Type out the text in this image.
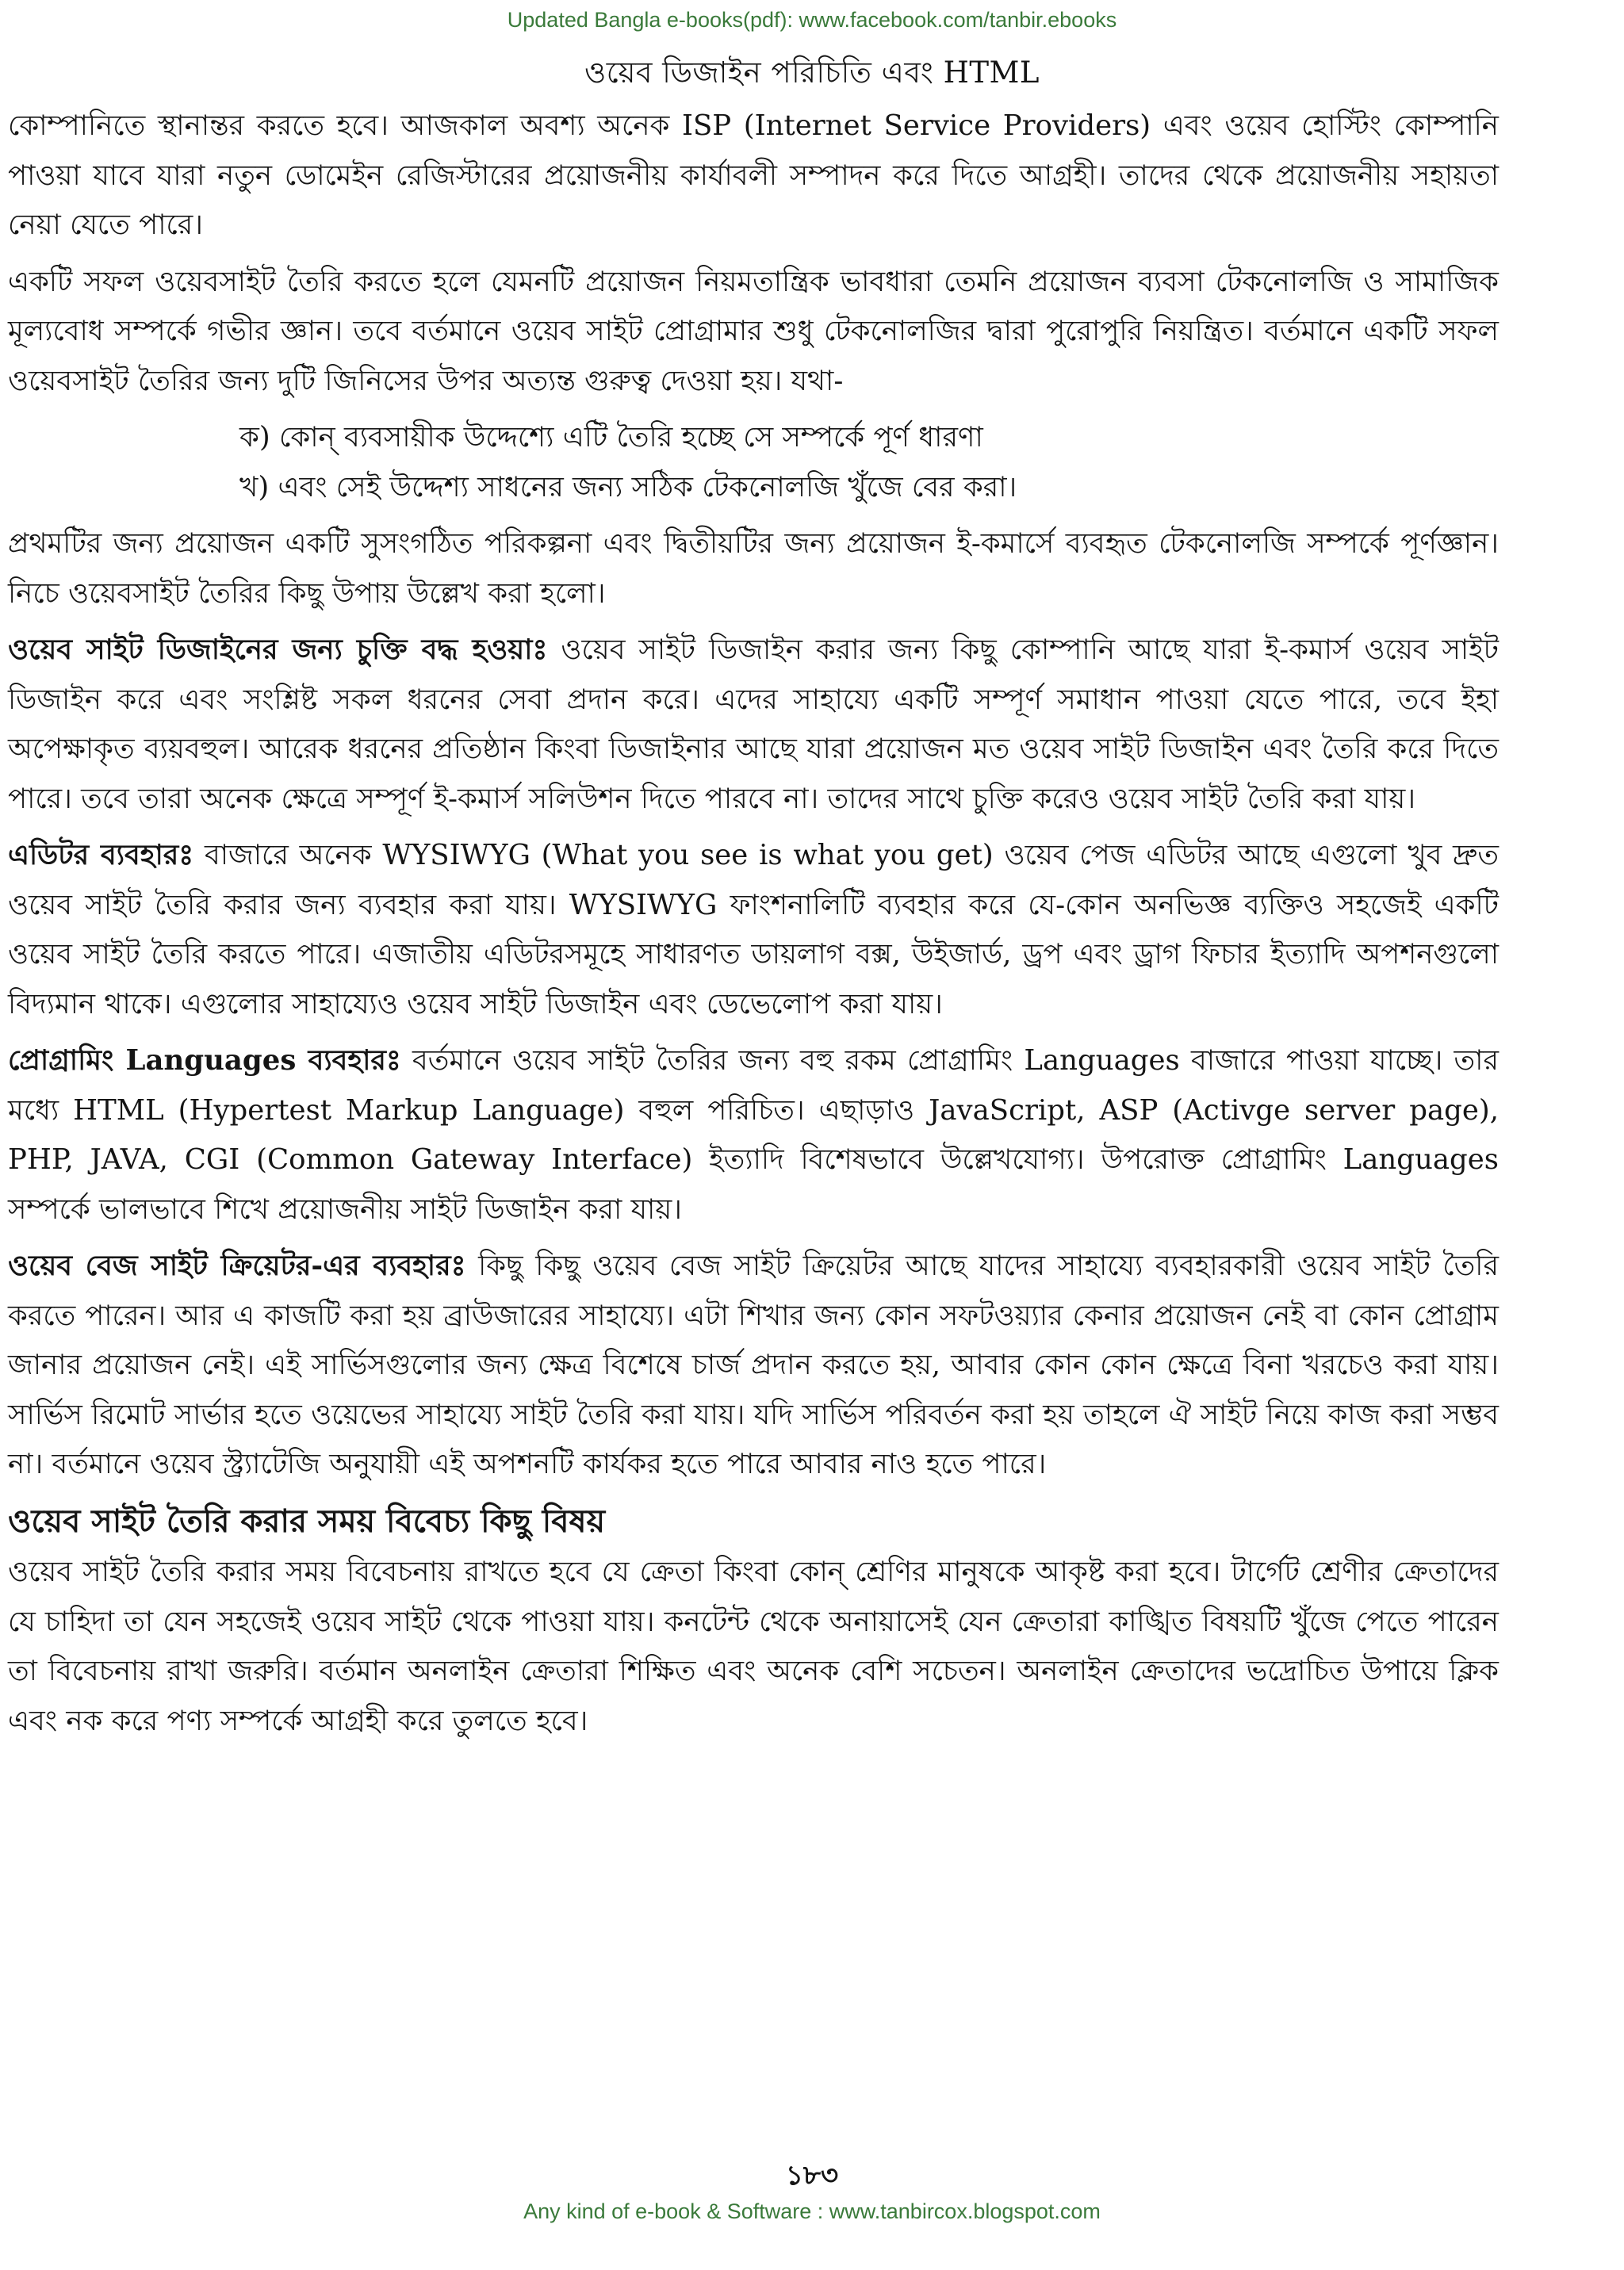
Updated Bangla e-books(pdf): www.facebook.com/tanbir.ebooks
ওয়েব ডিজাইন পরিচিতি এবং HTML

কোম্পানিতে স্থানান্তর করতে হবে। আজকাল অবশ্য অনেক ISP (Internet Service Providers) এবং ওয়েব হোস্টিং কোম্পানি পাওয়া যাবে যারা নতুন ডোমেইন রেজিস্টারের প্রয়োজনীয় কার্যাবলী সম্পাদন করে দিতে আগ্রহী। তাদের থেকে প্রয়োজনীয় সহায়তা নেয়া যেতে পারে।

একটি সফল ওয়েবসাইট তৈরি করতে হলে যেমনটি প্রয়োজন নিয়মতান্ত্রিক ভাবধারা তেমনি প্রয়োজন ব্যবসা টেকনোলজি ও সামাজিক মূল্যবোধ সম্পর্কে গভীর জ্ঞান। তবে বর্তমানে ওয়েব সাইট প্রোগ্রামার শুধু টেকনোলজির দ্বারা পুরোপুরি নিয়ন্ত্রিত। বর্তমানে একটি সফল ওয়েবসাইট তৈরির জন্য দুটি জিনিসের উপর অত্যন্ত গুরুত্ব দেওয়া হয়। যথা-

ক) কোন্ ব্যবসায়ীক উদ্দেশ্যে এটি তৈরি হচ্ছে সে সম্পর্কে পূর্ণ ধারণা
খ) এবং সেই উদ্দেশ্য সাধনের জন্য সঠিক টেকনোলজি খুঁজে বের করা।

প্রথমটির জন্য প্রয়োজন একটি সুসংগঠিত পরিকল্পনা এবং দ্বিতীয়টির জন্য প্রয়োজন ই-কমার্সে ব্যবহৃত টেকনোলজি সম্পর্কে পূর্ণজ্ঞান। নিচে ওয়েবসাইট তৈরির কিছু উপায় উল্লেখ করা হলো।

ওয়েব সাইট ডিজাইনের জন্য চুক্তি বদ্ধ হওয়াঃ ওয়েব সাইট ডিজাইন করার জন্য কিছু কোম্পানি আছে যারা ই-কমার্স ওয়েব সাইট ডিজাইন করে এবং সংশ্লিষ্ট সকল ধরনের সেবা প্রদান করে। এদের সাহায্যে একটি সম্পূর্ণ সমাধান পাওয়া যেতে পারে, তবে ইহা অপেক্ষাকৃত ব্যয়বহুল। আরেক ধরনের প্রতিষ্ঠান কিংবা ডিজাইনার আছে যারা প্রয়োজন মত ওয়েব সাইট ডিজাইন এবং তৈরি করে দিতে পারে। তবে তারা অনেক ক্ষেত্রে সম্পূর্ণ ই-কমার্স সলিউশন দিতে পারবে না। তাদের সাথে চুক্তি করেও ওয়েব সাইট তৈরি করা যায়।

এডিটর ব্যবহারঃ বাজারে অনেক WYSIWYG (What you see is what you get) ওয়েব পেজ এডিটর আছে এগুলো খুব দ্রুত ওয়েব সাইট তৈরি করার জন্য ব্যবহার করা যায়। WYSIWYG ফাংশনালিটি ব্যবহার করে যে-কোন অনভিজ্ঞ ব্যক্তিও সহজেই একটি ওয়েব সাইট তৈরি করতে পারে। এজাতীয় এডিটরসমূহে সাধারণত ডায়লাগ বক্স, উইজার্ড, ড্রপ এবং ড্রাগ ফিচার ইত্যাদি অপশনগুলো বিদ্যমান থাকে। এগুলোর সাহায্যেও ওয়েব সাইট ডিজাইন এবং ডেভেলোপ করা যায়।

প্রোগ্রামিং Languages ব্যবহারঃ বর্তমানে ওয়েব সাইট তৈরির জন্য বহু রকম প্রোগ্রামিং Languages বাজারে পাওয়া যাচ্ছে। তার মধ্যে HTML (Hypertest Markup Language) বহুল পরিচিত। এছাড়াও JavaScript, ASP (Activge server page), PHP, JAVA, CGI (Common Gateway Interface) ইত্যাদি বিশেষভাবে উল্লেখযোগ্য। উপরোক্ত প্রোগ্রামিং Languages সম্পর্কে ভালভাবে শিখে প্রয়োজনীয় সাইট ডিজাইন করা যায়।

ওয়েব বেজ সাইট ক্রিয়েটর-এর ব্যবহারঃ কিছু কিছু ওয়েব বেজ সাইট ক্রিয়েটর আছে যাদের সাহায্যে ব্যবহারকারী ওয়েব সাইট তৈরি করতে পারেন। আর এ কাজটি করা হয় ব্রাউজারের সাহায্যে। এটা শিখার জন্য কোন সফটওয়্যার কেনার প্রয়োজন নেই বা কোন প্রোগ্রাম জানার প্রয়োজন নেই। এই সার্ভিসগুলোর জন্য ক্ষেত্র বিশেষে চার্জ প্রদান করতে হয়, আবার কোন কোন ক্ষেত্রে বিনা খরচেও করা যায়। সার্ভিস রিমোট সার্ভার হতে ওয়েভের সাহায্যে সাইট তৈরি করা যায়। যদি সার্ভিস পরিবর্তন করা হয় তাহলে ঐ সাইট নিয়ে কাজ করা সম্ভব না। বর্তমানে ওয়েব স্ট্র্যাটেজি অনুযায়ী এই অপশনটি কার্যকর হতে পারে আবার নাও হতে পারে।

ওয়েব সাইট তৈরি করার সময় বিবেচ্য কিছু বিষয়

ওয়েব সাইট তৈরি করার সময় বিবেচনায় রাখতে হবে যে ক্রেতা কিংবা কোন্ শ্রেণির মানুষকে আকৃষ্ট করা হবে। টার্গেট শ্রেণীর ক্রেতাদের যে চাহিদা তা যেন সহজেই ওয়েব সাইট থেকে পাওয়া যায়। কনটেন্ট থেকে অনায়াসেই যেন ক্রেতারা কাঙ্খিত বিষয়টি খুঁজে পেতে পারেন তা বিবেচনায় রাখা জরুরি। বর্তমান অনলাইন ক্রেতারা শিক্ষিত এবং অনেক বেশি সচেতন। অনলাইন ক্রেতাদের ভদ্রোচিত উপায়ে ক্লিক এবং নক করে পণ্য সম্পর্কে আগ্রহী করে তুলতে হবে।

১৮৩
Any kind of e-book & Software : www.tanbircox.blogspot.com
